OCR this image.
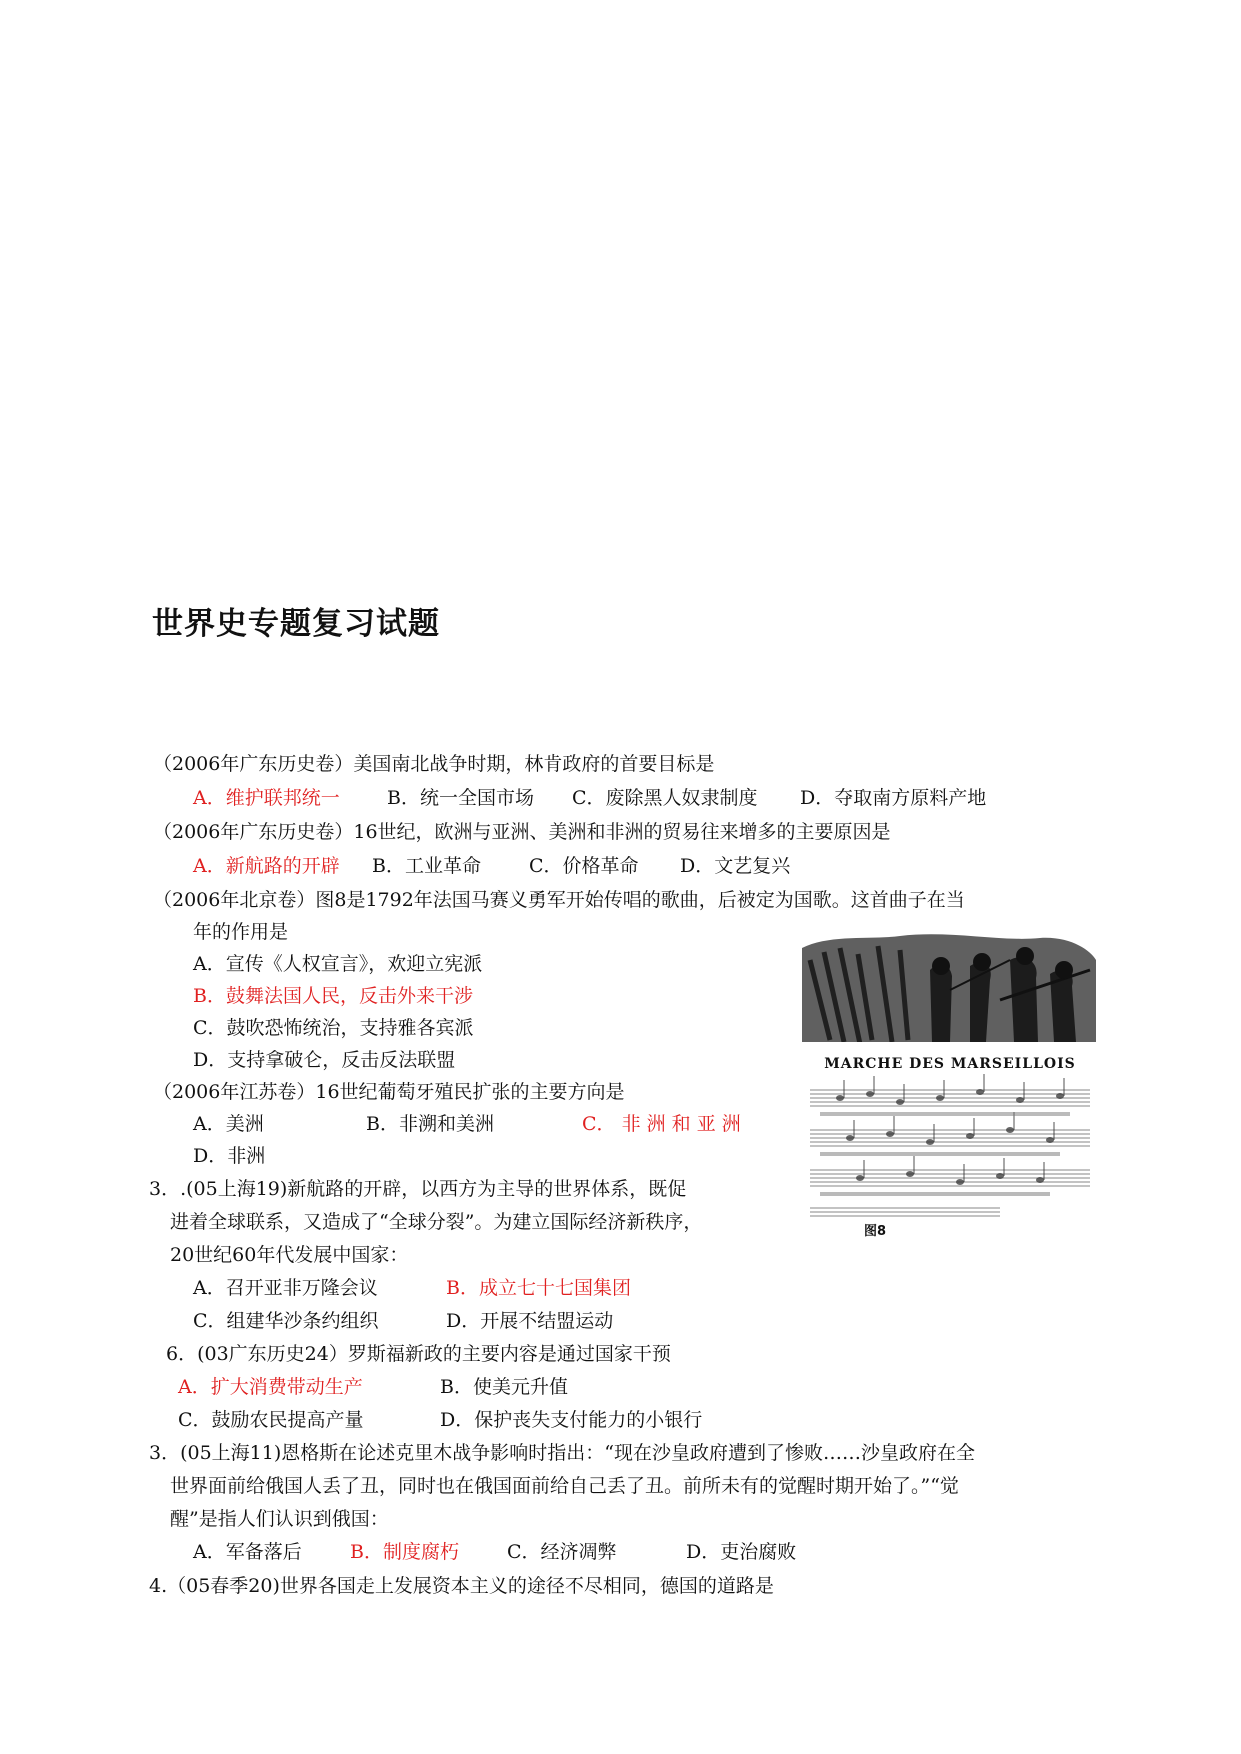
世界史专题复习试题
（2006年广东历史卷）美国南北战争时期，林肯政府的首要目标是
A．维护联邦统一 B．统一全国市场 C．废除黑人奴隶制度 D．夺取南方原料产地
（2006年广东历史卷）16世纪，欧洲与亚洲、美洲和非洲的贸易往来增多的主要原因是
A．新航路的开辟 B．工业革命	C．价格革命 D．文艺复兴
（2006年北京卷）图8是1792年法国马赛义勇军开始传唱的歌曲，后被定为国歌。这首曲子在当
年的作用是
A．宣传《人权宣言》，欢迎立宪派
B．鼓舞法国人民，反击外来干涉
C．鼓吹恐怖统治，支持雅各宾派
D．支持拿破仑，反击反法联盟
（2006年江苏卷）16世纪葡萄牙殖民扩张的主要方向是
A．美洲	B．非溯和美洲	C． 非 洲 和 亚 洲
D．非洲
3．.(05上海19)新航路的开辟，以西方为主导的世界体系，既促
进着全球联系，又造成了“全球分裂”。为建立国际经济新秩序，
20世纪60年代发展中国家：
A．召开亚非万隆会议	B．成立七十七国集团
C．组建华沙条约组织	D．开展不结盟运动
6．(03广东历史24）罗斯福新政的主要内容是通过国家干预
A．扩大消费带动生产	B．使美元升值
C．鼓励农民提高产量	D．保护丧失支付能力的小银行
3．(05上海11)恩格斯在论述克里木战争影响时指出：“现在沙皇政府遭到了惨败……沙皇政府在全
世界面前给俄国人丢了丑，同时也在俄国面前给自己丢了丑。前所未有的觉醒时期开始了。”“觉
醒”是指人们认识到俄国：
A．军备落后	B．制度腐朽	C．经济凋弊	D．吏治腐败
4.（05春季20)世界各国走上发展资本主义的途径不尽相同，德国的道路是
MARCHE DES MARSEILLOIS
图8
